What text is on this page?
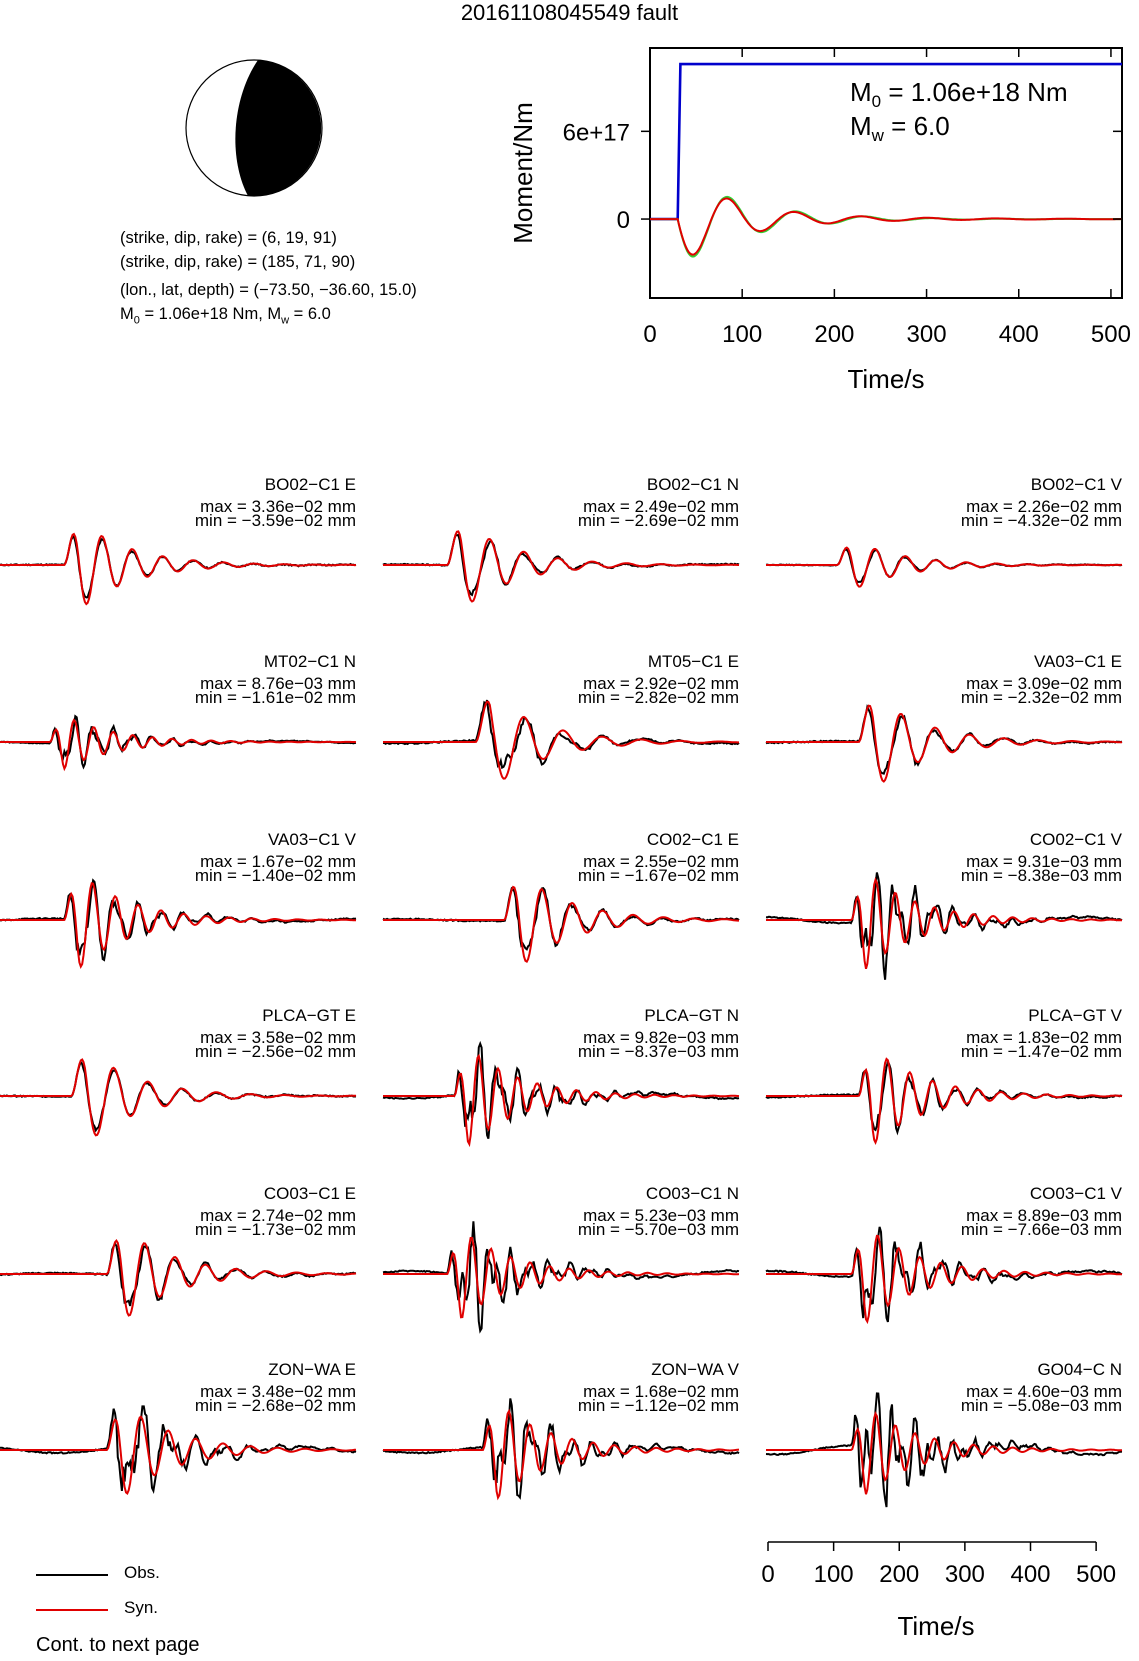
20161108045549 fault
(strike, dip, rake) = (6, 19, 91)
(strike, dip, rake) = (185, 71, 90)
(lon., lat, depth) = (−73.50, −36.60, 15.0)
$M_0 = 1.06e+18$ Nm, $M_w = 6.0$
0	100 200 300 400 500
0
6e+17
Time/s
Moment/Nm
$M_0 = 1.06e+18$ Nm
$M_w = 6.0$
BO02−C1 E
max = 3.36e−02 mm
min = −3.59e−02 mm
BO02−C1 N
max = 2.49e−02 mm
min = −2.69e−02 mm
BO02−C1 V
max = 2.26e−02 mm
min = −4.32e−02 mm
MT02−C1 N
max = 8.76e−03 mm
min = −1.61e−02 mm
MT05−C1 E
max = 2.92e−02 mm
min = −2.82e−02 mm
VA03−C1 E
max = 3.09e−02 mm
min = −2.32e−02 mm
VA03−C1 V
max = 1.67e−02 mm
min = −1.40e−02 mm
CO02−C1 E
max = 2.55e−02 mm
min = −1.67e−02 mm
CO02−C1 V
max = 9.31e−03 mm
min = −8.38e−03 mm
PLCA−GT E
max = 3.58e−02 mm
min = −2.56e−02 mm
PLCA−GT N
max = 9.82e−03 mm
min = −8.37e−03 mm
PLCA−GT V
max = 1.83e−02 mm
min = −1.47e−02 mm
CO03−C1 E
max = 2.74e−02 mm
min = −1.73e−02 mm
CO03−C1 N
max = 5.23e−03 mm
min = −5.70e−03 mm
CO03−C1 V
max = 8.89e−03 mm
min = −7.66e−03 mm
ZON−WA E
max = 3.48e−02 mm
min = −2.68e−02 mm
ZON−WA V
max = 1.68e−02 mm
min = −1.12e−02 mm
GO04−C N
max = 4.60e−03 mm
min = −5.08e−03 mm
0 100 200 300 400 500
Time/s
Obs.
Syn.
Cont. to next page
